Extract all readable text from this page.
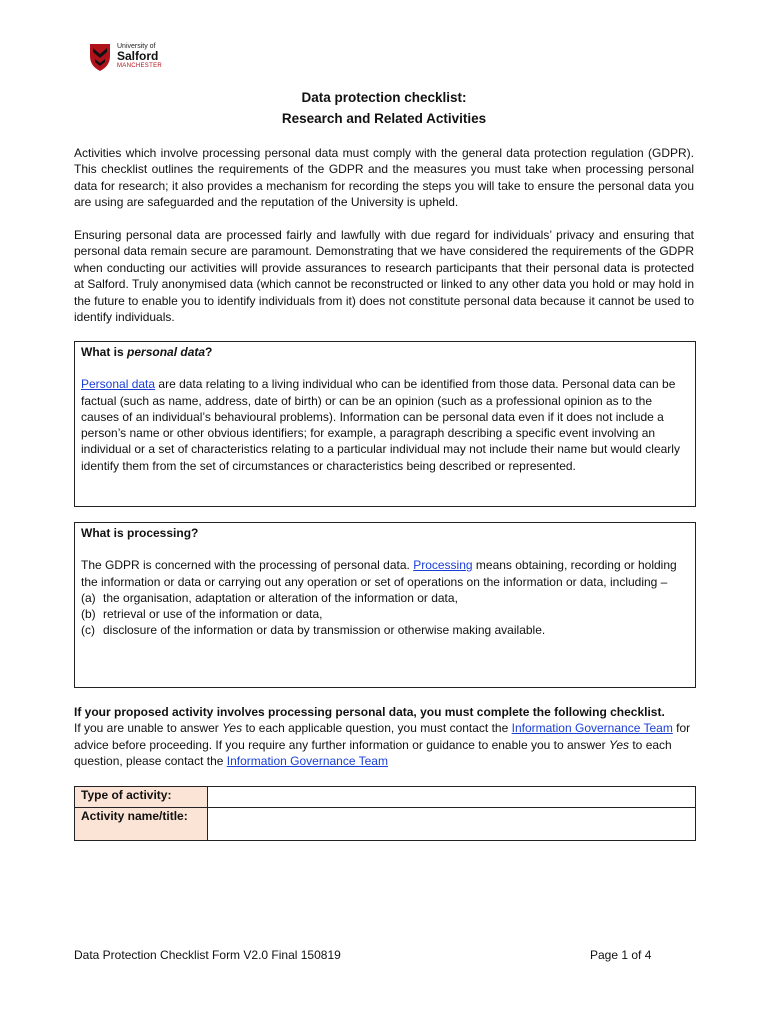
University of
Salford
MANCHESTER
Data protection checklist:
Research and Related Activities
Activities which involve processing personal data must comply with the general data protection regulation (GDPR). This checklist outlines the requirements of the GDPR and the measures you must take when processing personal data for research; it also provides a mechanism for recording the steps you will take to ensure the personal data you are using are safeguarded and the reputation of the University is upheld.
Ensuring personal data are processed fairly and lawfully with due regard for individuals’ privacy and ensuring that personal data remain secure are paramount. Demonstrating that we have considered the requirements of the GDPR when conducting our activities will provide assurances to research participants that their personal data is protected at Salford. Truly anonymised data (which cannot be reconstructed or linked to any other data you hold or may hold in the future to enable you to identify individuals from it) does not constitute personal data because it cannot be used to identify individuals.
What is personal data?
Personal data are data relating to a living individual who can be identified from those data. Personal data can be factual (such as name, address, date of birth) or can be an opinion (such as a professional opinion as to the causes of an individual’s behavioural problems). Information can be personal data even if it does not include a person’s name or other obvious identifiers; for example, a paragraph describing a specific event involving an individual or a set of characteristics relating to a particular individual may not include their name but would clearly identify them from the set of circumstances or characteristics being described or represented.
What is processing?
The GDPR is concerned with the processing of personal data. Processing means obtaining, recording or holding the information or data or carrying out any operation or set of operations on the information or data, including –
(a) the organisation, adaptation or alteration of the information or data,
(b) retrieval or use of the information or data,
(c) disclosure of the information or data by transmission or otherwise making available.
If your proposed activity involves processing personal data, you must complete the following checklist.
If you are unable to answer Yes to each applicable question, you must contact the Information Governance Team for advice before proceeding. If you require any further information or guidance to enable you to answer Yes to each question, please contact the Information Governance Team
Type of activity:	
Activity name/title:	
Data Protection Checklist Form V2.0 Final 150819	Page 1 of 4
